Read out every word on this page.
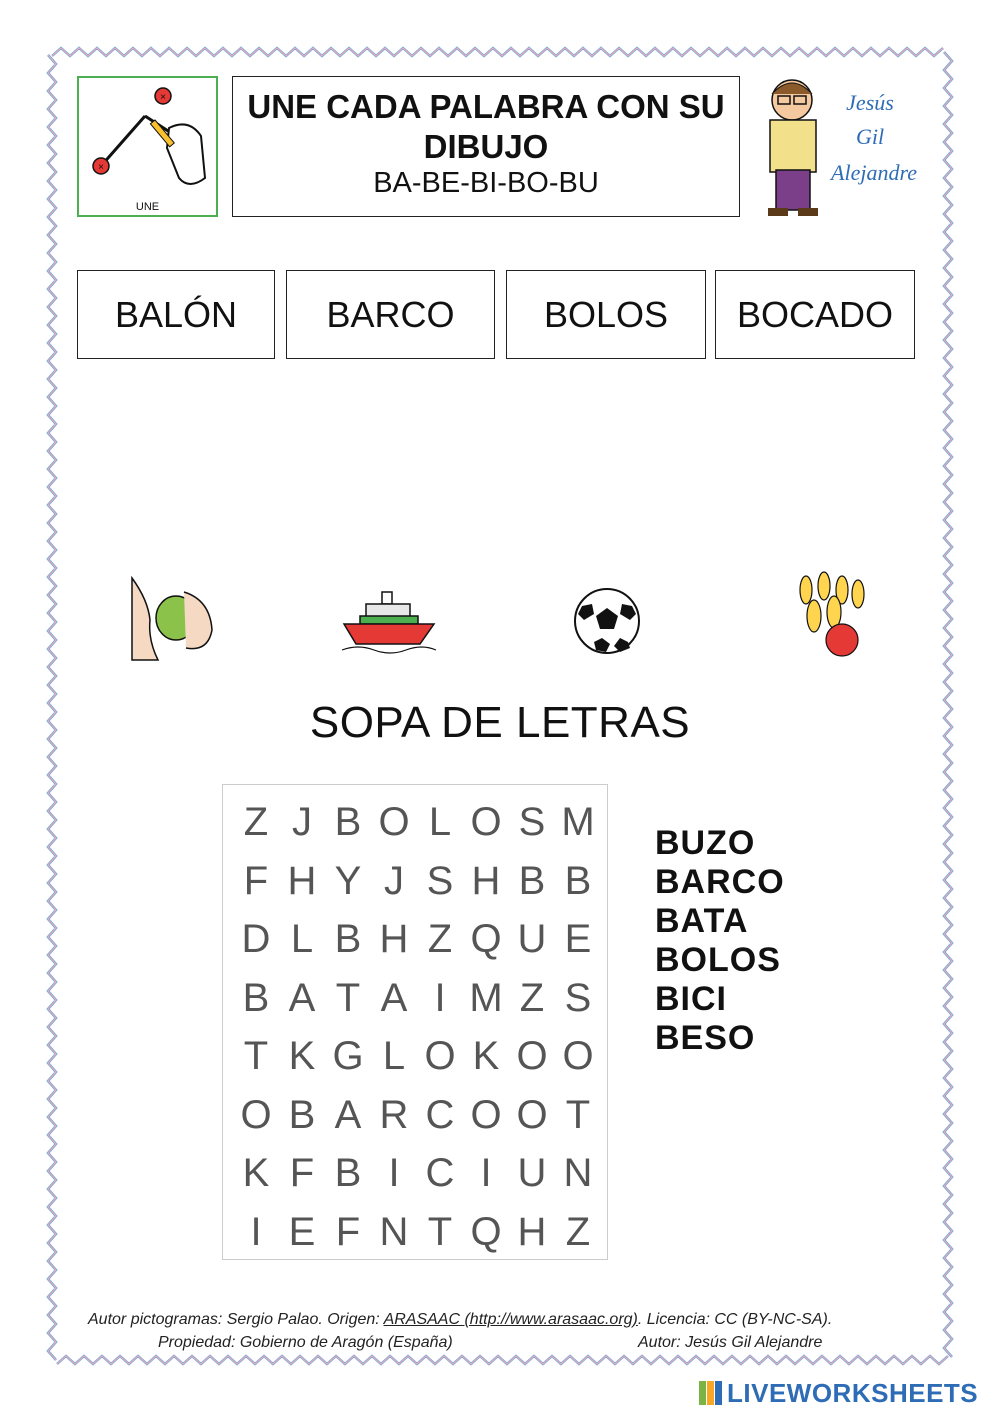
×
×
UNE
UNE CADA PALABRA CON SU DIBUJO
BA-BE-BI-BO-BU
Jesús
Gil
Alejandre
BALÓN	BARCO	BOLOS	BOCADO
SOPA DE LETRAS
Z J B O L O S M
F H Y J S H B B
D L B H Z Q U E
B A T A I M Z S
T K G L O K O O
O B A R C O O T
K F B I C I U N
I E F N T Q H Z
BUZO
BARCO
BATA
BOLOS
BICI
BESO
Autor pictogramas: Sergio Palao. Origen: ARASAAC (http://www.arasaac.org). Licencia: CC (BY-NC-SA).
Propiedad: Gobierno de Aragón (España)	Autor: Jesús Gil Alejandre
LIVEWORKSHEETS
